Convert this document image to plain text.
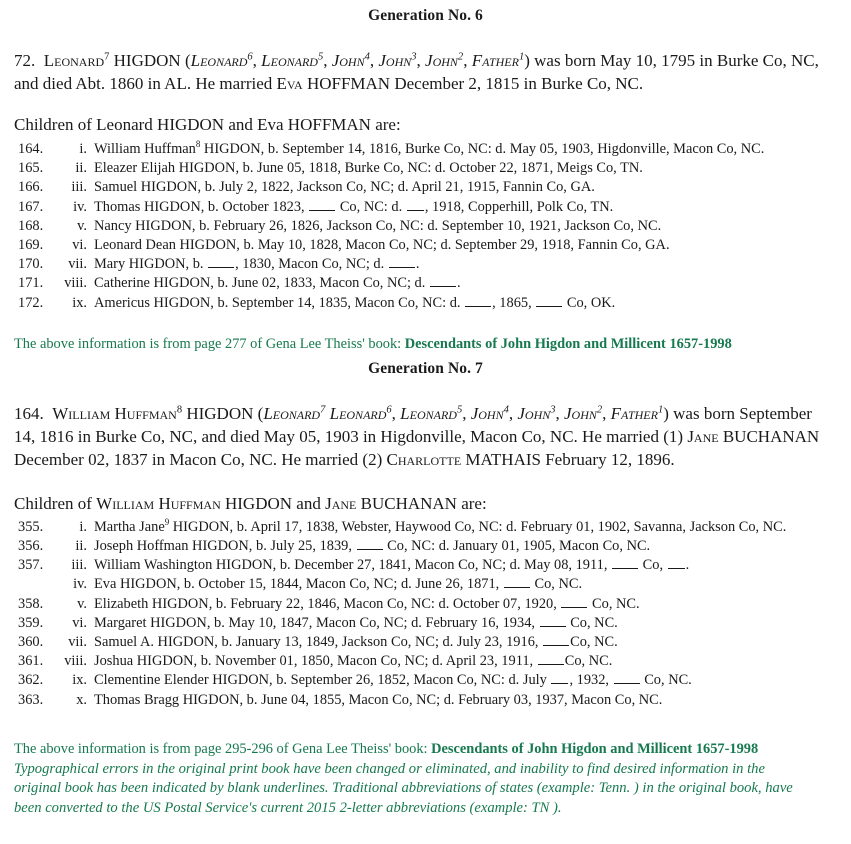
Generation No. 6

72. Leonard$^7$ HIGDON (Leonard$^6$, Leonard$^5$, John$^4$, John$^3$, John$^2$, Father$^1$) was born May 10, 1795 in Burke Co, NC, and died Abt. 1860 in AL. He married Eva HOFFMAN December 2, 1815 in Burke Co, NC.

Children of Leonard HIGDON and Eva HOFFMAN are:

164.	i. William Huffman$^8$ HIGDON, b. September 14, 1816, Burke Co, NC: d. May 05, 1903, Higdonville, Macon Co, NC.
165.	ii. Eleazer Elijah HIGDON, b. June 05, 1818, Burke Co, NC: d. October 22, 1871, Meigs Co, TN.
166.	iii. Samuel HIGDON, b. July 2, 1822, Jackson Co, NC; d. April 21, 1915, Fannin Co, GA.
167.	iv. Thomas HIGDON, b. October 1823,  Co, NC: d. , 1918, Copperhill, Polk Co, TN.
168.	v. Nancy HIGDON, b. February 26, 1826, Jackson Co, NC: d. September 10, 1921, Jackson Co, NC.
169.	vi. Leonard Dean HIGDON, b. May 10, 1828, Macon Co, NC; d. September 29, 1918, Fannin Co, GA.
170.	vii. Mary HIGDON, b. , 1830, Macon Co, NC; d. .
171.	viii. Catherine HIGDON, b. June 02, 1833, Macon Co, NC; d. .
172.	ix. Americus HIGDON, b. September 14, 1835, Macon Co, NC: d. , 1865,  Co, OK.

The above information is from page 277 of Gena Lee Theiss' book: Descendants of John Higdon and Millicent 1657-1998

Generation No. 7

164. William Huffman$^8$ HIGDON (Leonard$^7$ Leonard$^6$, Leonard$^5$, John$^4$, John$^3$, John$^2$, Father$^1$) was born September 14, 1816 in Burke Co, NC, and died May 05, 1903 in Higdonville, Macon Co, NC. He married (1) Jane BUCHANAN December 02, 1837 in Macon Co, NC. He married (2) Charlotte MATHAIS February 12, 1896.

Children of William Huffman HIGDON and Jane BUCHANAN are:

355.	i. Martha Jane$^9$ HIGDON, b. April 17, 1838, Webster, Haywood Co, NC: d. February 01, 1902, Savanna, Jackson Co, NC.
356.	ii. Joseph Hoffman HIGDON, b. July 25, 1839,  Co, NC: d. January 01, 1905, Macon Co, NC.
357.	iii. William Washington HIGDON, b. December 27, 1841, Macon Co, NC; d. May 08, 1911,  Co, .
iv. Eva HIGDON, b. October 15, 1844, Macon Co, NC; d. June 26, 1871,  Co, NC.
358.	v. Elizabeth HIGDON, b. February 22, 1846, Macon Co, NC: d. October 07, 1920,  Co, NC.
359.	vi. Margaret HIGDON, b. May 10, 1847, Macon Co, NC; d. February 16, 1934,  Co, NC.
360.	vii. Samuel A. HIGDON, b. January 13, 1849, Jackson Co, NC; d. July 23, 1916, Co, NC.
361.	viii. Joshua HIGDON, b. November 01, 1850, Macon Co, NC; d. April 23, 1911, Co, NC.
362.	ix. Clementine Elender HIGDON, b. September 26, 1852, Macon Co, NC: d. July , 1932,  Co, NC.
363.	x. Thomas Bragg HIGDON, b. June 04, 1855, Macon Co, NC; d. February 03, 1937, Macon Co, NC.

The above information is from page 295-296 of Gena Lee Theiss' book: Descendants of John Higdon and Millicent 1657-1998

Typographical errors in the original print book have been changed or eliminated, and inability to find desired information in the original book has been indicated by blank underlines. Traditional abbreviations of states (example: Tenn. ) in the original book, have been converted to the US Postal Service's current 2015 2-letter abbreviations (example: TN ).
